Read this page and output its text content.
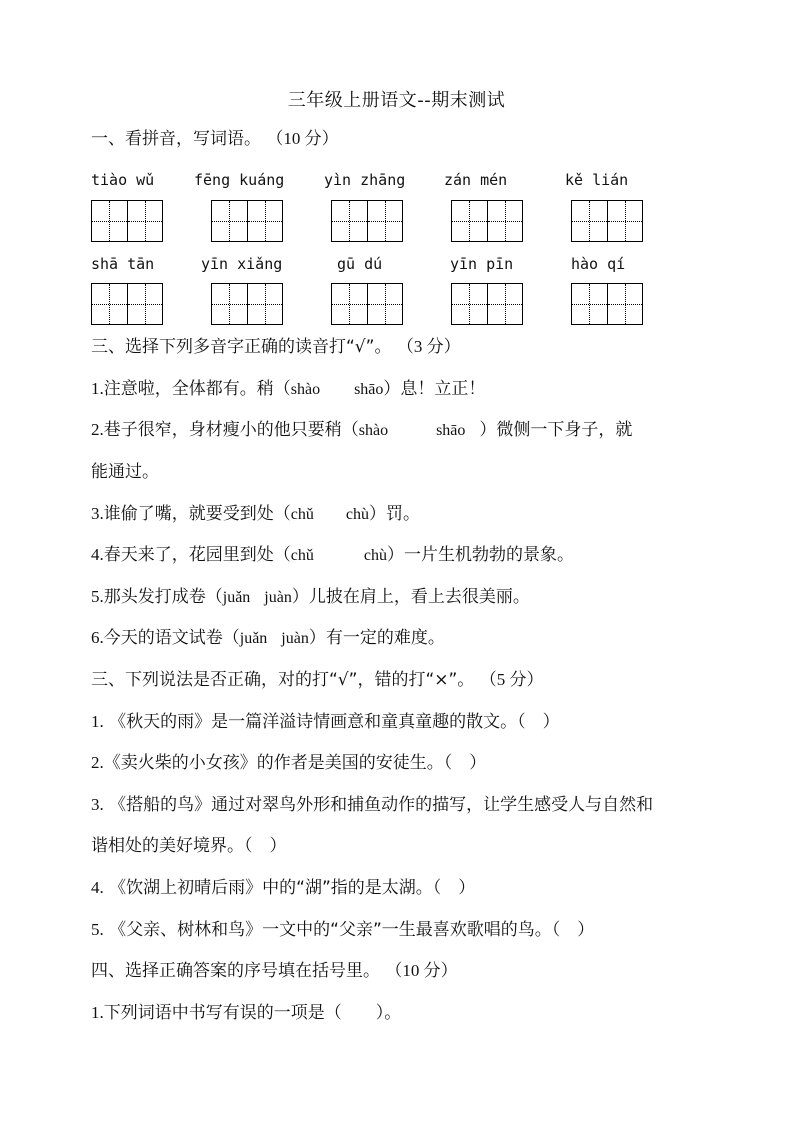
三年级上册语文--期末测试
一、看拼音，写词语。 （10 分）
tiào wǔ	fēng kuáng	yìn zhāng	zán mén	kě lián
shā tān	yīn xiǎng	gū dú	yīn pīn	hào qí
三、选择下列多音字正确的读音打“√”。 （3 分）
1.注意啦，全体都有。稍（shào shāo）息！立正！
2.巷子很窄，身材瘦小的他只要稍（shào	shāo ）微侧一下身子，就
能通过。
3.谁偷了嘴，就要受到处（chǔ chù）罚。
4.春天来了，花园里到处（chǔ	chù）一片生机勃勃的景象。
5.那头发打成卷（juǎn juàn）儿披在肩上，看上去很美丽。
6.今天的语文试卷（juǎn juàn）有一定的难度。
三、下列说法是否正确，对的打“√”，错的打“×”。 （5 分）
1. 《秋天的雨》是一篇洋溢诗情画意和童真童趣的散文。（　）
2.《卖火柴的小女孩》的作者是美国的安徒生。（　）
3. 《搭船的鸟》通过对翠鸟外形和捕鱼动作的描写，让学生感受人与自然和
谐相处的美好境界。（　）
4. 《饮湖上初晴后雨》中的“湖”指的是太湖。（　）
5. 《父亲、树林和鸟》一文中的“父亲”一生最喜欢歌唱的鸟。（　）
四、选择正确答案的序号填在括号里。 （10 分）
1.下列词语中书写有误的一项是（　　 ）。
